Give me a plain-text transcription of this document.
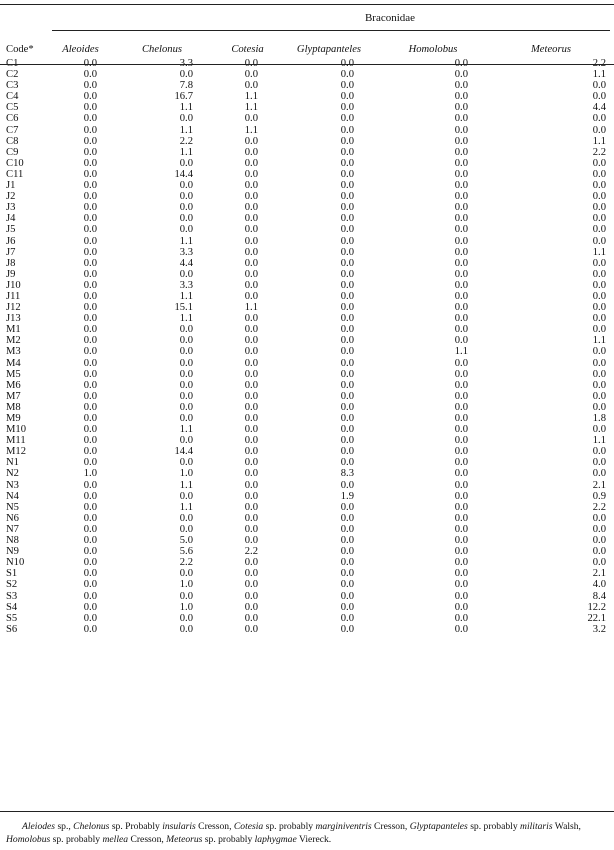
Braconidae
Code*	Aleoides	Chelonus	Cotesia	Glyptapanteles	Homolobus	Meteorus
C1	0.0	3.3	0.0	0.0	0.0	2.2
C2	0.0	0.0	0.0	0.0	0.0	1.1
C3	0.0	7.8	0.0	0.0	0.0	0.0
C4	0.0	16.7	1.1	0.0	0.0	0.0
C5	0.0	1.1	1.1	0.0	0.0	4.4
C6	0.0	0.0	0.0	0.0	0.0	0.0
C7	0.0	1.1	1.1	0.0	0.0	0.0
C8	0.0	2.2	0.0	0.0	0.0	1.1
C9	0.0	1.1	0.0	0.0	0.0	2.2
C10	0.0	0.0	0.0	0.0	0.0	0.0
C11	0.0	14.4	0.0	0.0	0.0	0.0
J1	0.0	0.0	0.0	0.0	0.0	0.0
J2	0.0	0.0	0.0	0.0	0.0	0.0
J3	0.0	0.0	0.0	0.0	0.0	0.0
J4	0.0	0.0	0.0	0.0	0.0	0.0
J5	0.0	0.0	0.0	0.0	0.0	0.0
J6	0.0	1.1	0.0	0.0	0.0	0.0
J7	0.0	3.3	0.0	0.0	0.0	1.1
J8	0.0	4.4	0.0	0.0	0.0	0.0
J9	0.0	0.0	0.0	0.0	0.0	0.0
J10	0.0	3.3	0.0	0.0	0.0	0.0
J11	0.0	1.1	0.0	0.0	0.0	0.0
J12	0.0	15.1	1.1	0.0	0.0	0.0
J13	0.0	1.1	0.0	0.0	0.0	0.0
M1	0.0	0.0	0.0	0.0	0.0	0.0
M2	0.0	0.0	0.0	0.0	0.0	1.1
M3	0.0	0.0	0.0	0.0	1.1	0.0
M4	0.0	0.0	0.0	0.0	0.0	0.0
M5	0.0	0.0	0.0	0.0	0.0	0.0
M6	0.0	0.0	0.0	0.0	0.0	0.0
M7	0.0	0.0	0.0	0.0	0.0	0.0
M8	0.0	0.0	0.0	0.0	0.0	0.0
M9	0.0	0.0	0.0	0.0	0.0	1.8
M10	0.0	1.1	0.0	0.0	0.0	0.0
M11	0.0	0.0	0.0	0.0	0.0	1.1
M12	0.0	14.4	0.0	0.0	0.0	0.0
N1	0.0	0.0	0.0	0.0	0.0	0.0
N2	1.0	1.0	0.0	8.3	0.0	0.0
N3	0.0	1.1	0.0	0.0	0.0	2.1
N4	0.0	0.0	0.0	1.9	0.0	0.9
N5	0.0	1.1	0.0	0.0	0.0	2.2
N6	0.0	0.0	0.0	0.0	0.0	0.0
N7	0.0	0.0	0.0	0.0	0.0	0.0
N8	0.0	5.0	0.0	0.0	0.0	0.0
N9	0.0	5.6	2.2	0.0	0.0	0.0
N10	0.0	2.2	0.0	0.0	0.0	0.0
S1	0.0	0.0	0.0	0.0	0.0	2.1
S2	0.0	1.0	0.0	0.0	0.0	4.0
S3	0.0	0.0	0.0	0.0	0.0	8.4
S4	0.0	1.0	0.0	0.0	0.0	12.2
S5	0.0	0.0	0.0	0.0	0.0	22.1
S6	0.0	0.0	0.0	0.0	0.0	3.2
Aleiodes sp., Chelonus sp. Probably insularis Cresson, Cotesia sp. probably marginiventris Cresson, Glyptapanteles sp. probably militaris Walsh, Homolobus sp. probably mellea Cresson, Meteorus sp. probably laphygmae Viereck.
